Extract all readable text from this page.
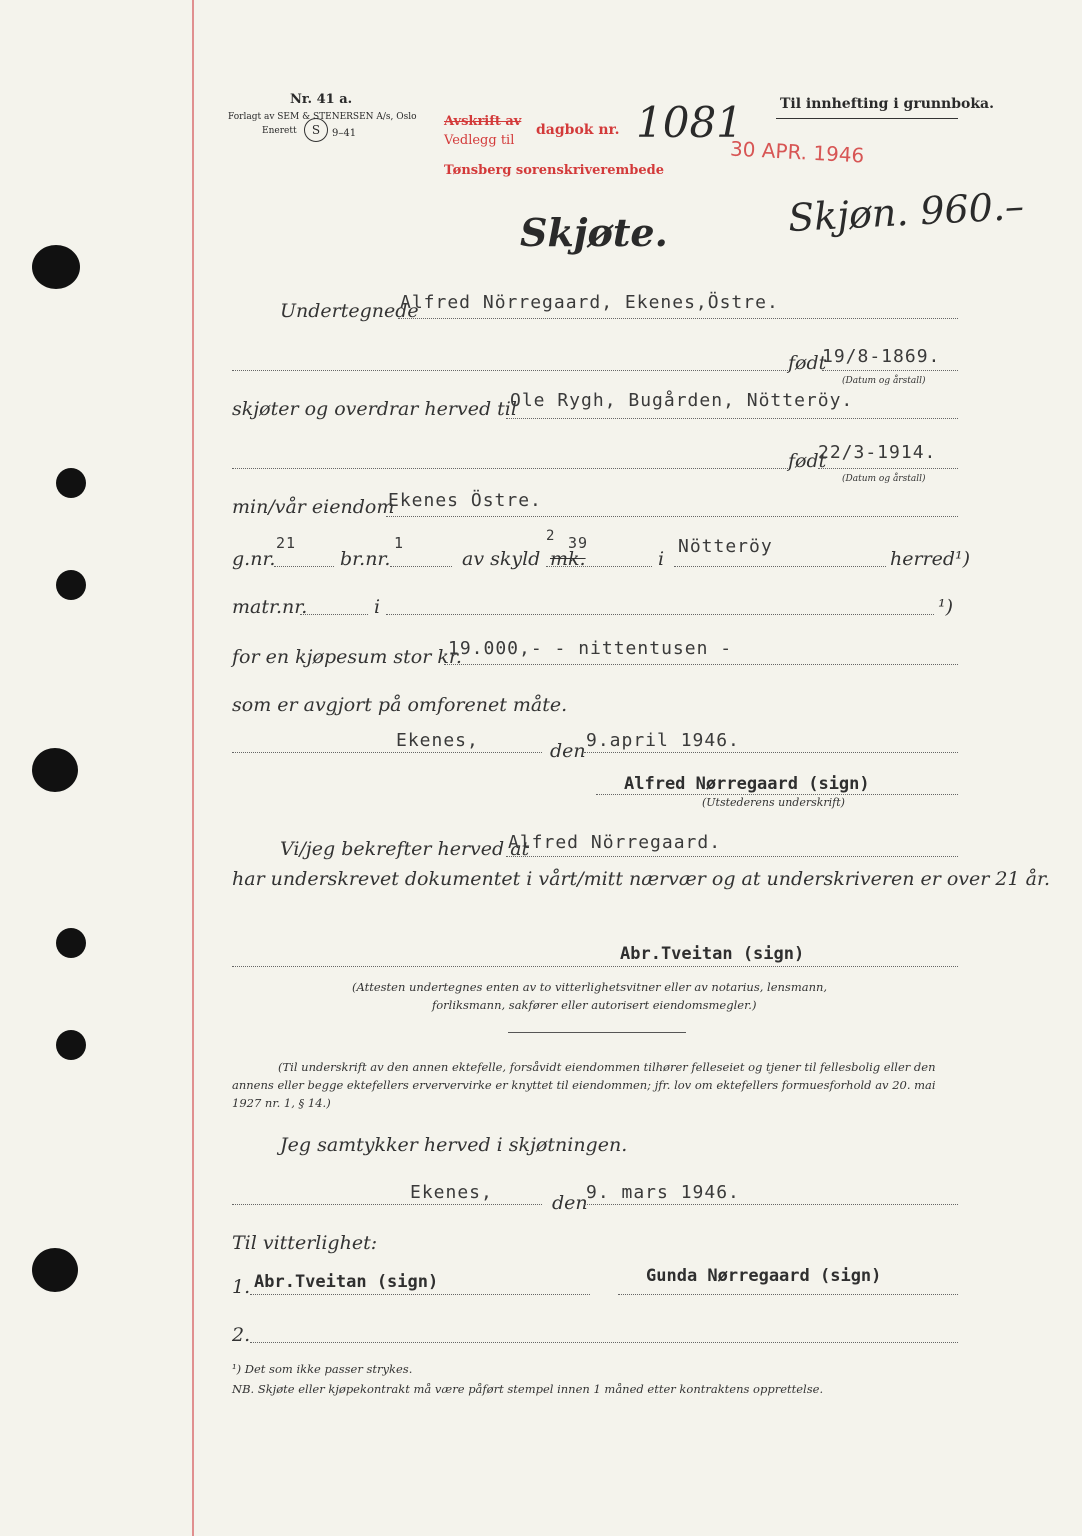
Nr. 41 a.
Forlagt av SEM & STENERSEN A/s, Oslo
Enerett	S	9–41
Avskrift av
Vedlegg til
dagbok nr.
Tønsberg sorenskriverembede
1081
30 APR. 1946
Til innhefting i grunnboka.
Skjøn. 960.–
Skjøte.
Undertegnede
Alfred Nörregaard, Ekenes,Östre.
født
19/8-1869.
(Datum og årstall)
skjøter og overdrar herved til
Ole Rygh, Bugården, Nötteröy.
født
22/3-1914.
(Datum og årstall)
min/vår eiendom
Ekenes Östre.
g.nr.
21
br.nr.
1
av skyld
2
mk.
39
i
Nötteröy
herred¹)
matr.nr.	i	¹)
for en kjøpesum stor kr.
19.000,- - nittentusen -
som er avgjort på omforenet måte.
Ekenes,	den 9.april 1946.
Alfred Nørregaard (sign)
(Utstederens underskrift)
Vi/jeg bekrefter herved at
Alfred Nörregaard.
har underskrevet dokumentet i vårt/mitt nærvær og at underskriveren er over 21 år.
Abr.Tveitan (sign)
(Attesten undertegnes enten av to vitterlighetsvitner eller av notarius, lensmann,
forliksmann, sakfører eller autorisert eiendomsmegler.)
(Til underskrift av den annen ektefelle, forsåvidt eiendommen tilhører felleseiet og tjener til fellesbolig eller den
annens eller begge ektefellers erververvirke er knyttet til eiendommen; jfr. lov om ektefellers formuesforhold av 20. mai
1927 nr. 1, § 14.)
Jeg samtykker herved i skjøtningen.
Ekenes,	den
9. mars 1946.
Til vitterlighet:
1. Abr.Tveitan (sign)	Gunda Nørregaard (sign)
2.
¹) Det som ikke passer strykes.
NB. Skjøte eller kjøpekontrakt må være påført stempel innen 1 måned etter kontraktens opprettelse.
